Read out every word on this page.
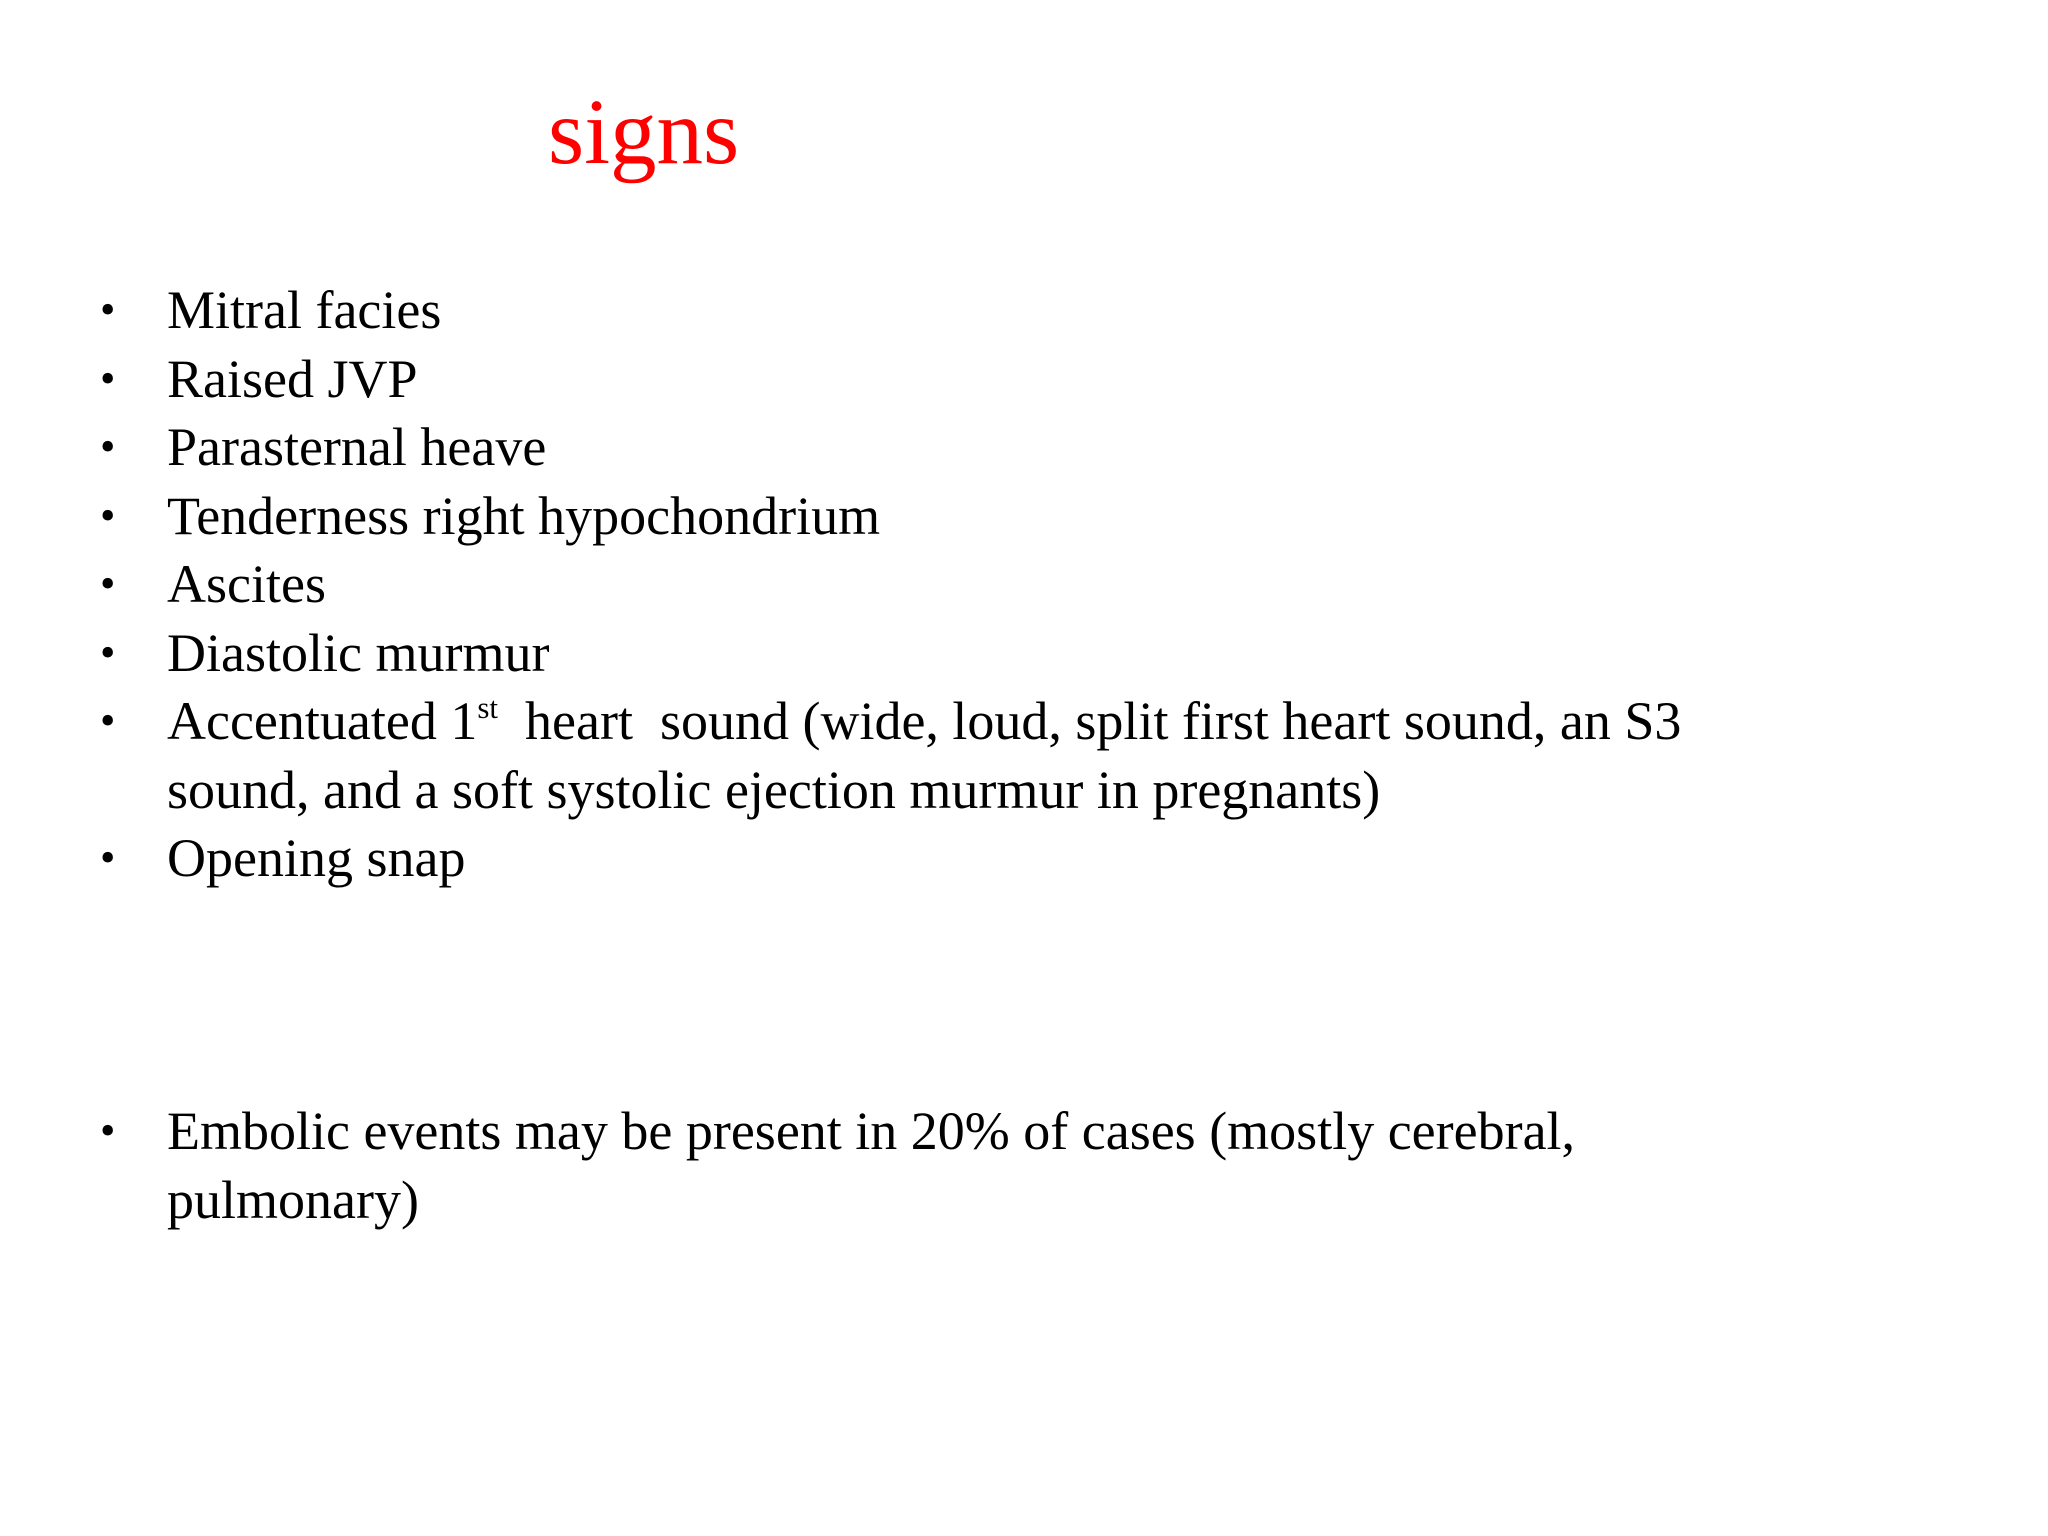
signs
• Mitral facies
• Raised JVP
• Parasternal heave
• Tenderness right hypochondrium
• Ascites
• Diastolic murmur
• Accentuated 1st  heart  sound (wide, loud, split first heart sound, an S3
sound, and a soft systolic ejection murmur in pregnants)
• Opening snap
• Embolic events may be present in 20% of cases (mostly cerebral,
pulmonary)
